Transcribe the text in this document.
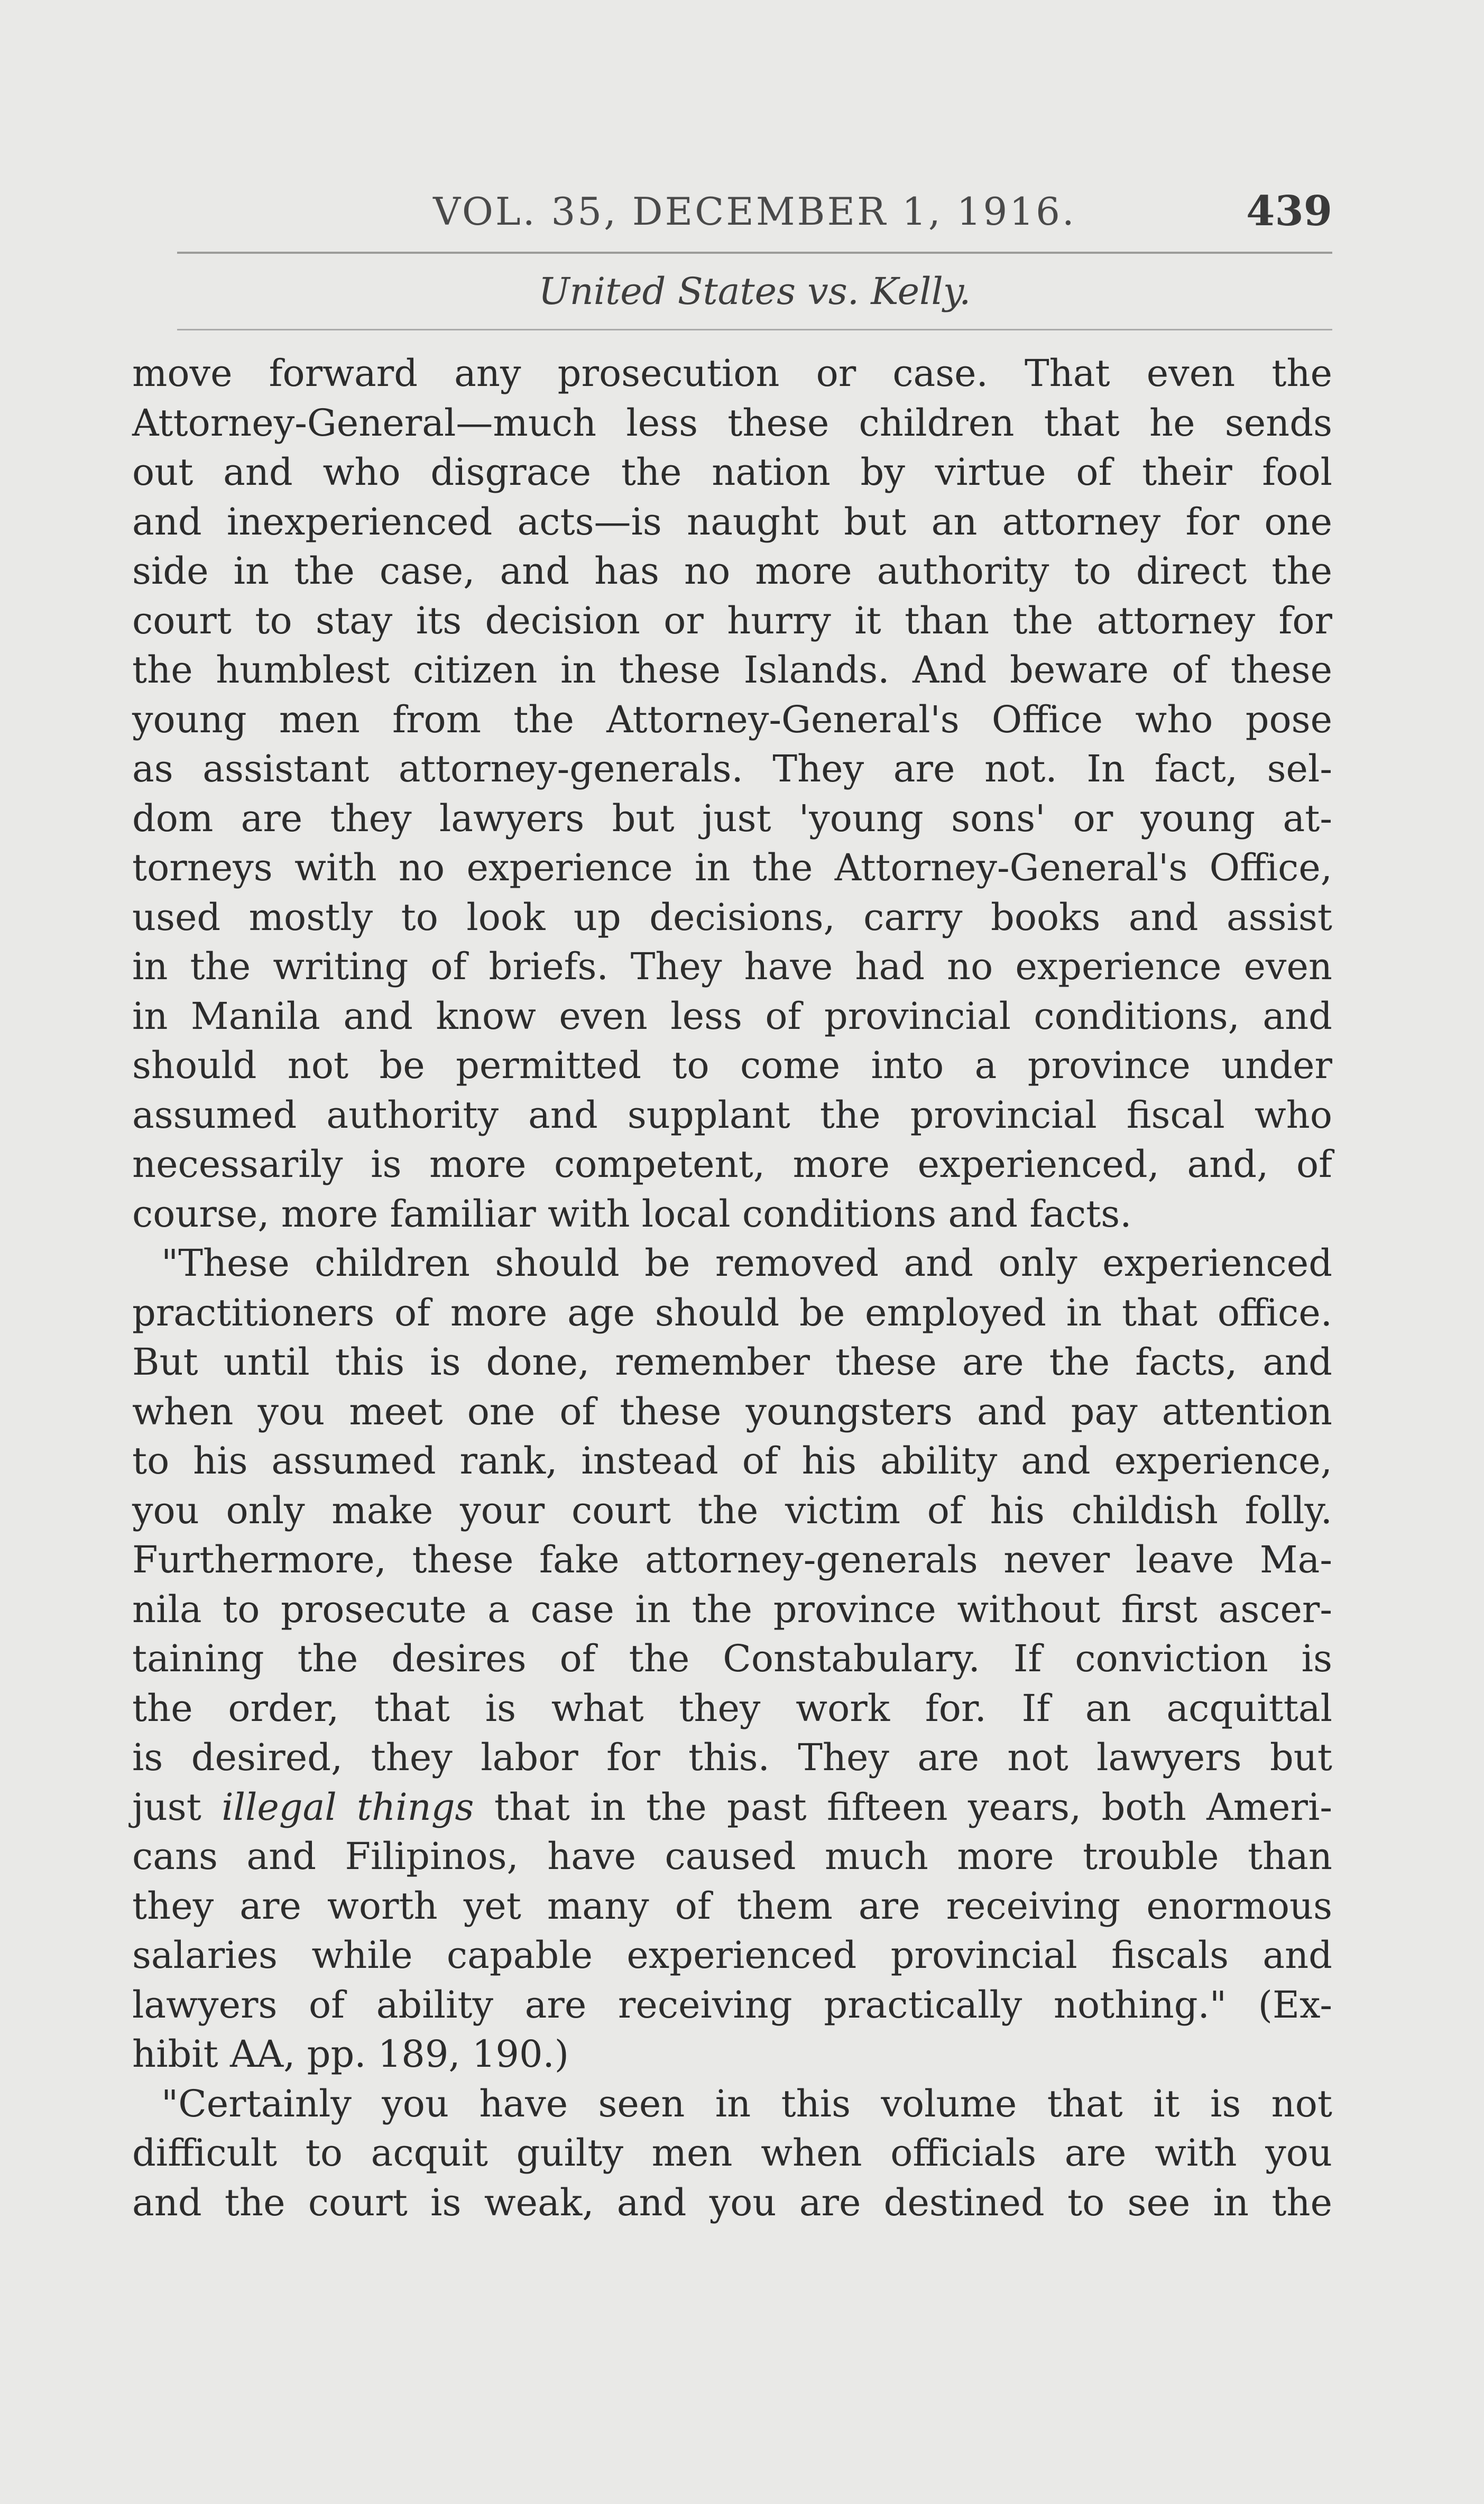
VOL. 35, DECEMBER 1, 1916.	439
United States vs. Kelly.
move forward any prosecution or case. That even the
Attorney-General—much less these children that he sends
out and who disgrace the nation by virtue of their fool
and inexperienced acts—is naught but an attorney for one
side in the case, and has no more authority to direct the
court to stay its decision or hurry it than the attorney for
the humblest citizen in these Islands. And beware of these
young men from the Attorney-General's Office who pose
as assistant attorney-generals. They are not. In fact, sel-
dom are they lawyers but just 'young sons' or young at-
torneys with no experience in the Attorney-General's Office,
used mostly to look up decisions, carry books and assist
in the writing of briefs. They have had no experience even
in Manila and know even less of provincial conditions, and
should not be permitted to come into a province under
assumed authority and supplant the provincial fiscal who
necessarily is more competent, more experienced, and, of
course, more familiar with local conditions and facts.
"These children should be removed and only experienced
practitioners of more age should be employed in that office.
But until this is done, remember these are the facts, and
when you meet one of these youngsters and pay attention
to his assumed rank, instead of his ability and experience,
you only make your court the victim of his childish folly.
Furthermore, these fake attorney-generals never leave Ma-
nila to prosecute a case in the province without first ascer-
taining the desires of the Constabulary. If conviction is
the order, that is what they work for. If an acquittal
is desired, they labor for this. They are not lawyers but
just illegal things that in the past fifteen years, both Ameri-
cans and Filipinos, have caused much more trouble than
they are worth yet many of them are receiving enormous
salaries while capable experienced provincial fiscals and
lawyers of ability are receiving practically nothing." (Ex-
hibit AA, pp. 189, 190.)
"Certainly you have seen in this volume that it is not
difficult to acquit guilty men when officials are with you
and the court is weak, and you are destined to see in the
